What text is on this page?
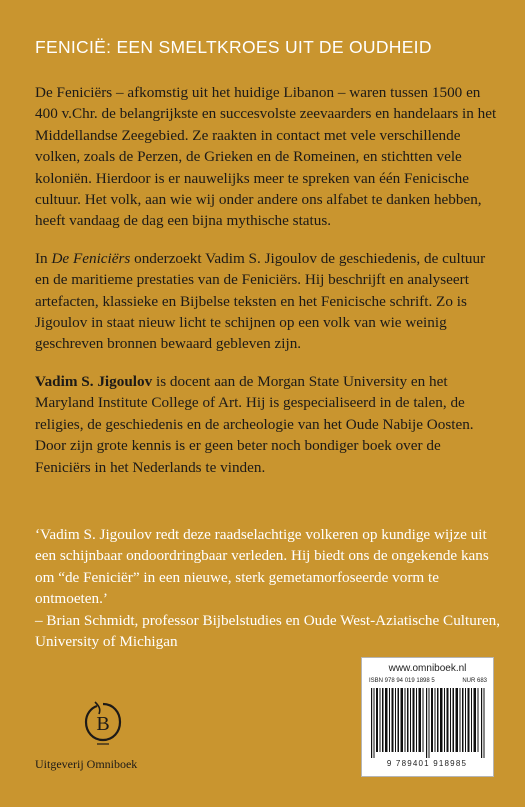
FENICIË: EEN SMELTKROES UIT DE OUDHEID

De Feniciërs – afkomstig uit het huidige Libanon – waren tussen 1500 en 400 v.Chr. de belangrijkste en succesvolste zeevaarders en handelaars in het Middellandse Zeegebied. Ze raakten in contact met vele verschillende volken, zoals de Perzen, de Grieken en de Romeinen, en stichtten vele koloniën. Hierdoor is er nauwelijks meer te spreken van één Fenicische cultuur. Het volk, aan wie wij onder andere ons alfabet te danken hebben, heeft vandaag de dag een bijna mythische status.

In De Feniciërs onderzoekt Vadim S. Jigoulov de geschiedenis, de cultuur en de maritieme prestaties van de Feniciërs. Hij beschrijft en analyseert artefacten, klassieke en Bijbelse teksten en het Fenicische schrift. Zo is Jigoulov in staat nieuw licht te schijnen op een volk van wie weinig geschreven bronnen bewaard gebleven zijn.

Vadim S. Jigoulov is docent aan de Morgan State University en het Maryland Institute College of Art. Hij is gespecialiseerd in de talen, de religies, de geschiedenis en de archeologie van het Oude Nabije Oosten. Door zijn grote kennis is er geen beter noch bondiger boek over de Feniciërs in het Nederlands te vinden.

‘Vadim S. Jigoulov redt deze raadselachtige volkeren op kundige wijze uit een schijnbaar ondoordringbaar verleden. Hij biedt ons de ongekende kans om “de Feniciër” in een nieuwe, sterk gemetamorfoseerde vorm te ontmoeten.’

– Brian Schmidt, professor Bijbelstudies en Oude West-Aziatische Culturen, University of Michigan

B
Uitgeverij Omniboek
www.omniboek.nl
ISBN 978 94 019 1898 5	NUR 683
9 789401 918985
